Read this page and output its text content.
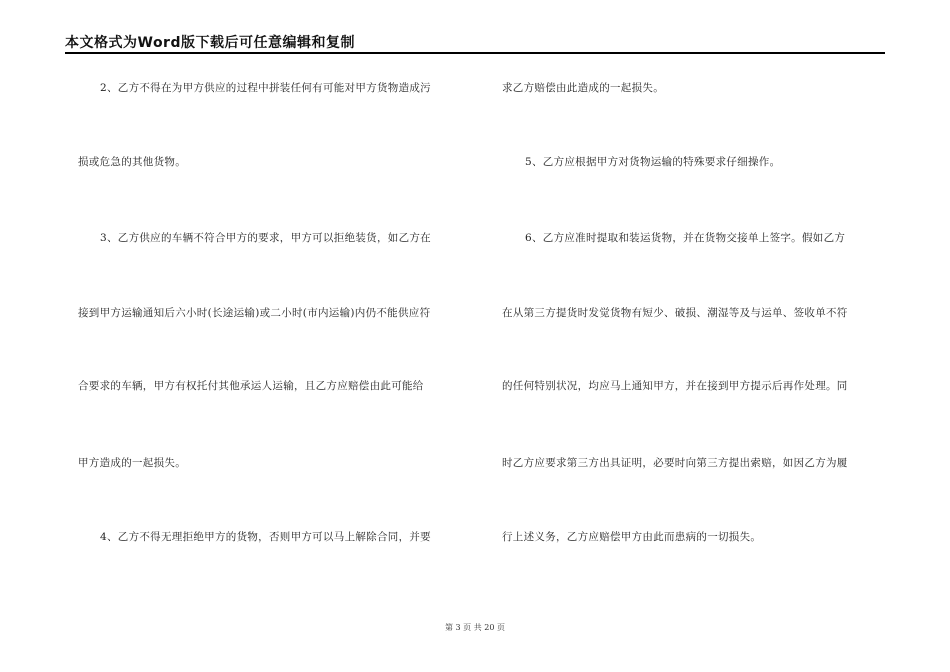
本文格式为Word版下载后可任意编辑和复制
2、乙方不得在为甲方供应的过程中拼装任何有可能对甲方货物造成污
损或危急的其他货物。
3、乙方供应的车辆不符合甲方的要求，甲方可以拒绝装货，如乙方在
接到甲方运输通知后六小时(长途运输)或二小时(市内运输)内仍不能供应符
合要求的车辆，甲方有权托付其他承运人运输，且乙方应赔偿由此可能给
甲方造成的一起损失。
4、乙方不得无理拒绝甲方的货物，否则甲方可以马上解除合同，并要
求乙方赔偿由此造成的一起损失。
5、乙方应根据甲方对货物运输的特殊要求仔细操作。
6、乙方应准时提取和装运货物，并在货物交接单上签字。假如乙方
在从第三方提货时发觉货物有短少、破损、潮湿等及与运单、签收单不符
的任何特别状况，均应马上通知甲方，并在接到甲方提示后再作处理。同
时乙方应要求第三方出具证明，必要时向第三方提出索赔，如因乙方为履
行上述义务，乙方应赔偿甲方由此而患病的一切损失。
第 3 页 共 20 页
